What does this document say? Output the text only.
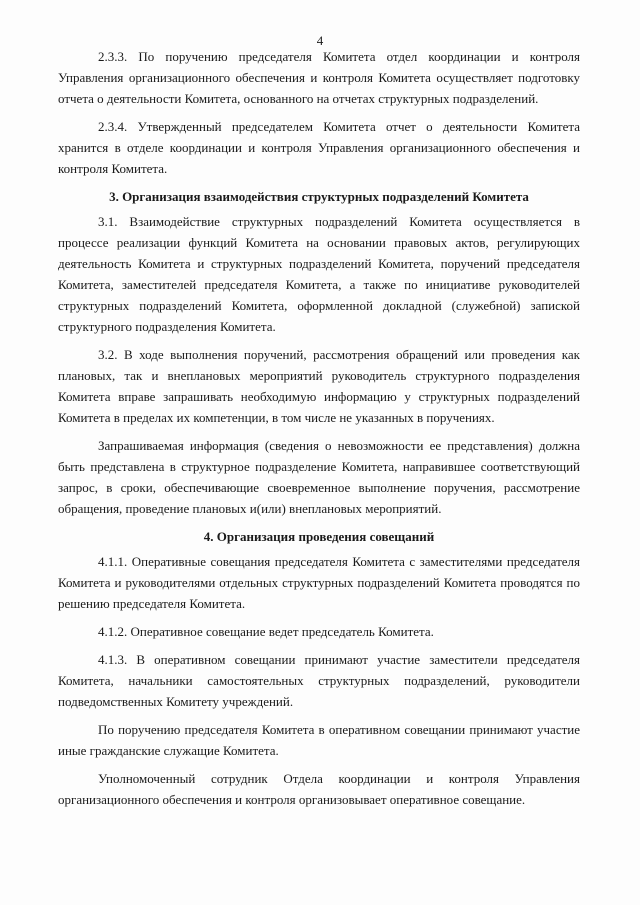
4

2.3.3. По поручению председателя Комитета отдел координации и контроля Управления организационного обеспечения и контроля Комитета осуществляет подготовку отчета о деятельности Комитета, основанного на отчетах структурных подразделений.

2.3.4. Утвержденный председателем Комитета отчет о деятельности Комитета хранится в отделе координации и контроля Управления организационного обеспечения и контроля Комитета.

3. Организация взаимодействия структурных подразделений Комитета

3.1. Взаимодействие структурных подразделений Комитета осуществляется в процессе реализации функций Комитета на основании правовых актов, регулирующих деятельность Комитета и структурных подразделений Комитета, поручений председателя Комитета, заместителей председателя Комитета, а также по инициативе руководителей структурных подразделений Комитета, оформленной докладной (служебной) запиской структурного подразделения Комитета.

3.2. В ходе выполнения поручений, рассмотрения обращений или проведения как плановых, так и внеплановых мероприятий руководитель структурного подразделения Комитета вправе запрашивать необходимую информацию у структурных подразделений Комитета в пределах их компетенции, в том числе не указанных в поручениях.

Запрашиваемая информация (сведения о невозможности ее представления) должна быть представлена в структурное подразделение Комитета, направившее соответствующий запрос, в сроки, обеспечивающие своевременное выполнение поручения, рассмотрение обращения, проведение плановых и(или) внеплановых мероприятий.

4. Организация проведения совещаний

4.1.1. Оперативные совещания председателя Комитета с заместителями председателя Комитета и руководителями отдельных структурных подразделений Комитета проводятся по решению председателя Комитета.

4.1.2. Оперативное совещание ведет председатель Комитета.

4.1.3. В оперативном совещании принимают участие заместители председателя Комитета, начальники самостоятельных структурных подразделений, руководители подведомственных Комитету учреждений.

По поручению председателя Комитета в оперативном совещании принимают участие иные гражданские служащие Комитета.

Уполномоченный сотрудник Отдела координации и контроля Управления организационного обеспечения и контроля организовывает оперативное совещание.
